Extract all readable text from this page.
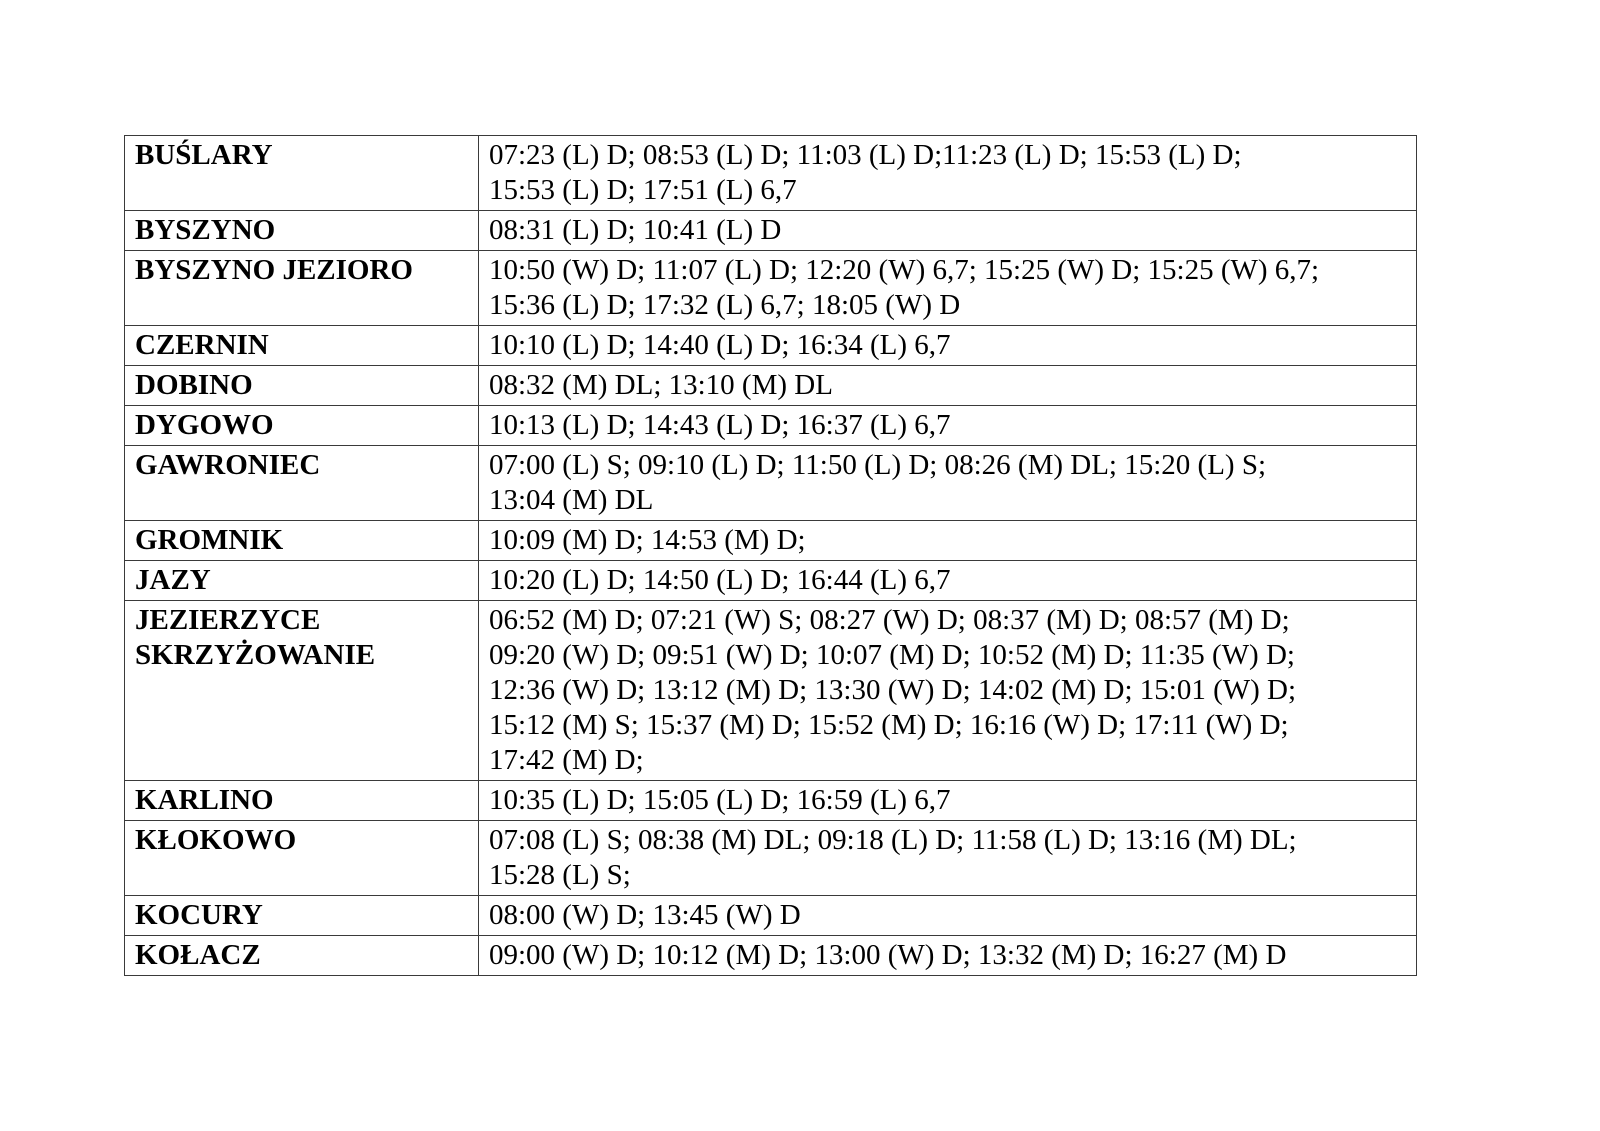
BUŚLARY	07:23 (L) D; 08:53 (L) D; 11:03 (L) D;11:23 (L) D; 15:53 (L) D;
15:53 (L) D; 17:51 (L) 6,7

BYSZYNO	08:31 (L) D; 10:41 (L) D

BYSZYNO JEZIORO	10:50 (W) D; 11:07 (L) D; 12:20 (W) 6,7; 15:25 (W) D; 15:25 (W) 6,7;
15:36 (L) D; 17:32 (L) 6,7; 18:05 (W) D

CZERNIN	10:10 (L) D; 14:40 (L) D; 16:34 (L) 6,7

DOBINO	08:32 (M) DL; 13:10 (M) DL

DYGOWO	10:13 (L) D; 14:43 (L) D; 16:37 (L) 6,7

GAWRONIEC	07:00 (L) S; 09:10 (L) D; 11:50 (L) D; 08:26 (M) DL; 15:20 (L) S;
13:04 (M) DL

GROMNIK	10:09 (M) D; 14:53 (M) D;

JAZY	10:20 (L) D; 14:50 (L) D; 16:44 (L) 6,7

JEZIERZYCE
SKRZYŻOWANIE	06:52 (M) D; 07:21 (W) S; 08:27 (W) D; 08:37 (M) D; 08:57 (M) D;
09:20 (W) D; 09:51 (W) D; 10:07 (M) D; 10:52 (M) D; 11:35 (W) D;
12:36 (W) D; 13:12 (M) D; 13:30 (W) D; 14:02 (M) D; 15:01 (W) D;
15:12 (M) S; 15:37 (M) D; 15:52 (M) D; 16:16 (W) D; 17:11 (W) D;
17:42 (M) D;

KARLINO	10:35 (L) D; 15:05 (L) D; 16:59 (L) 6,7

KŁOKOWO	07:08 (L) S; 08:38 (M) DL; 09:18 (L) D; 11:58 (L) D; 13:16 (M) DL;
15:28 (L) S;

KOCURY	08:00 (W) D; 13:45 (W) D

KOŁACZ	09:00 (W) D; 10:12 (M) D; 13:00 (W) D; 13:32 (M) D; 16:27 (M) D
